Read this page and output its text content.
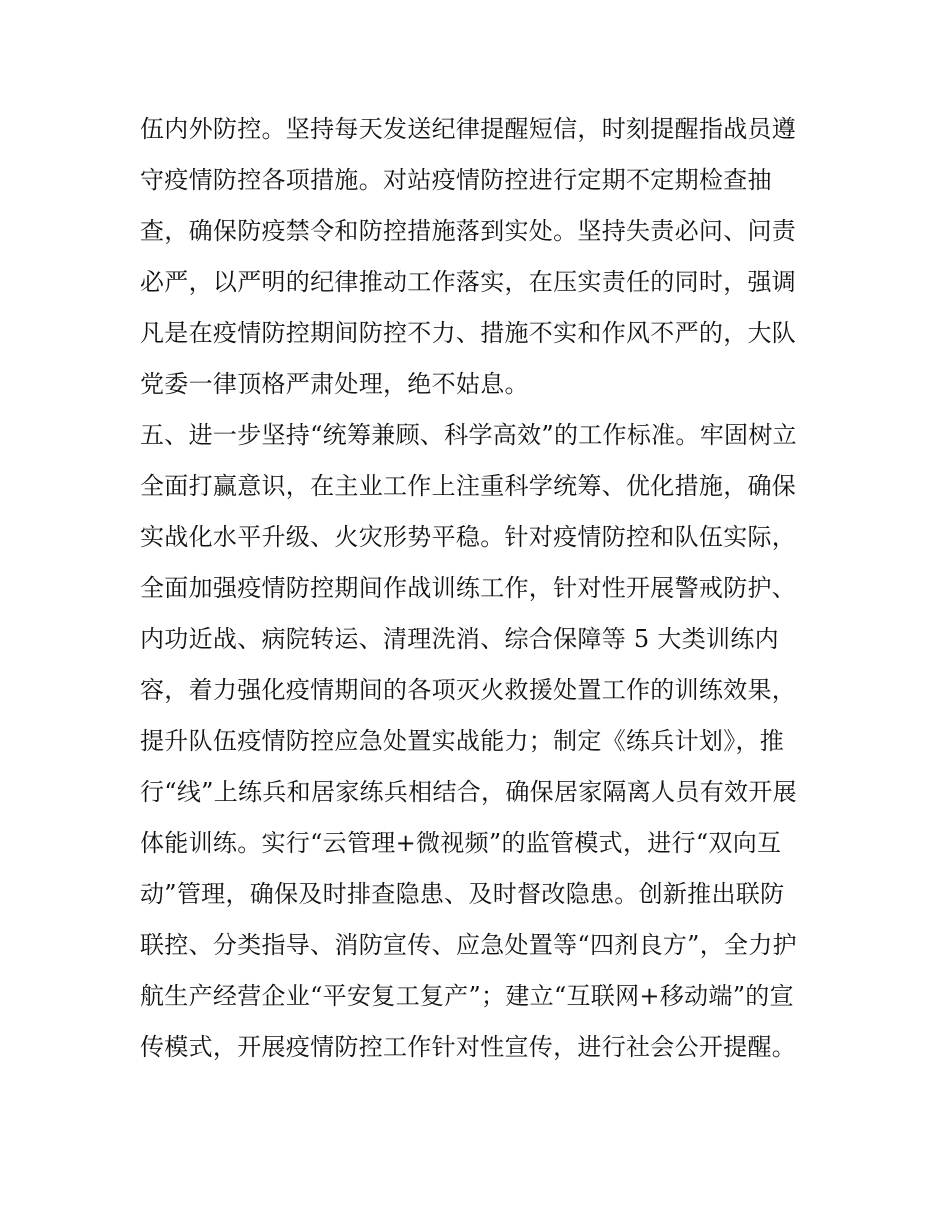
伍内外防控。坚持每天发送纪律提醒短信，时刻提醒指战员遵
守疫情防控各项措施。对站疫情防控进行定期不定期检查抽
查，确保防疫禁令和防控措施落到实处。坚持失责必问、问责
必严，以严明的纪律推动工作落实，在压实责任的同时，强调
凡是在疫情防控期间防控不力、措施不实和作风不严的，大队
党委一律顶格严肃处理，绝不姑息。
五、进一步坚持“统筹兼顾、科学高效”的工作标准。牢固树立
全面打赢意识，在主业工作上注重科学统筹、优化措施，确保
实战化水平升级、火灾形势平稳。针对疫情防控和队伍实际，
全面加强疫情防控期间作战训练工作，针对性开展警戒防护、
内功近战、病院转运、清理洗消、综合保障等 5 大类训练内
容，着力强化疫情期间的各项灭火救援处置工作的训练效果，
提升队伍疫情防控应急处置实战能力；制定《练兵计划》，推
行“线”上练兵和居家练兵相结合，确保居家隔离人员有效开展
体能训练。实行“云管理+微视频”的监管模式，进行“双向互
动”管理，确保及时排查隐患、及时督改隐患。创新推出联防
联控、分类指导、消防宣传、应急处置等“四剂良方”，全力护
航生产经营企业“平安复工复产”；建立“互联网+移动端”的宣
传模式，开展疫情防控工作针对性宣传，进行社会公开提醒。
